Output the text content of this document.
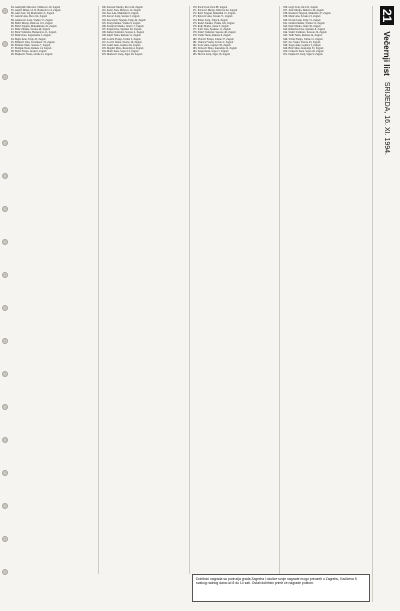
84. Andrijašić Miroslav, Vidikovac 20, Zagreb
85. Andrić Milan, Ul. R. Boškovića 12, Zagreb
86. Anić Ivan, Trg Mažuranića 3, Zagreb
87. Antolić Ana, Ilica 214, Zagreb
88. Antunović Josip, Vlaška 57, Zagreb
89. Babić Marija, Dubrava 101, Zagreb
90. Bačić Stjepan, Maksimirska 22, Zagreb
91. Balić Zdenka, Savska 40, Zagreb
92. Barić Tomislav, Heinzelova 11, Zagreb
93. Bašić Kata, Zagrebačka 5, Zagreb
94. Begić Ante, Trnje 18, Zagreb
95. Blažević Ivka, Črnomerec 33, Zagreb
96. Bobinac Mato, Sesvete 7, Zagreb
97. Bošnjak Nada, Remete 14, Zagreb
98. Božić Franjo, Jarun 6, Zagreb
99. Brajković Vesna, Utrine 21, Zagreb
190. Kobasić Marija, Ilica 140, Zagreb
191. Kolar Ivan, Dubrava 12, Zagreb
192. Kos Ana, Maksimir 8, Zagreb
193. Kovač Josip, Savska 3, Zagreb
194. Kovačević Stjepan, Trnje 44, Zagreb
195. Kralj Zdenka, Vlaška 9, Zagreb
196. Kraljević Marko, Jarun 17, Zagreb
197. Krpan Ivka, Špansko 30, Zagreb
198. Kuhar Tomislav, Sesvete 2, Zagreb
199. Kušić Nada, Remete 51, Zagreb
200. Lončar Franjo, Utrine 5, Zagreb
201. Lovrić Vesna, Travno 19, Zagreb
202. Lukić Ante, Gajnice 26, Zagreb
203. Magdić Mato, Kustošija 4, Zagreb
204. Marić Kata, Sopot 13, Zagreb
205. Marković Josip, Siget 28, Zagreb
470. Pavić Ivan, Ilica 88, Zagreb
471. Pavlović Marija, Dubrava 64, Zagreb
472. Perić Stjepan, Maksimir 15, Zagreb
473. Petrović Ana, Savska 71, Zagreb
474. Pintar Josip, Trnje 9, Zagreb
475. Radić Zdenka, Vlaška 120, Zagreb
476. Rajić Marko, Jarun 3, Zagreb
477. Šarić Ivka, Špansko 11, Zagreb
478. Šimić Tomislav, Sesvete 40, Zagreb
479. Tomić Nada, Remete 6, Zagreb
480. Vidović Franjo, Utrine 37, Zagreb
481. Vuković Vesna, Travno 2, Zagreb
482. Zorić Ante, Gajnice 58, Zagreb
483. Živković Mato, Kustošija 22, Zagreb
484. Župan Kata, Sopot 7, Zagreb
485. Horvat Josip, Siget 16, Zagreb
636. Grgić Ivan, Ilica 61, Zagreb
637. Jurić Marija, Dubrava 29, Zagreb
638. Knežević Stjepan, Maksimir 47, Zagreb
639. Matić Ana, Savska 13, Zagreb
640. Novak Josip, Trnje 72, Zagreb
641. Oreški Zdenka, Vlaška 31, Zagreb
642. Pejić Marko, Jarun 59, Zagreb
643. Rukavina Ivka, Špansko 8, Zagreb
644. Stanić Tomislav, Sesvete 19, Zagreb
645. Tadić Nada, Remete 24, Zagreb
646. Vrban Franjo, Utrine 12, Zagreb
647. Zec Vesna, Travno 45, Zagreb
648. Žagar Ante, Gajnice 3, Zagreb
649. Bilić Mato, Kustošija 35, Zagreb
650. Crnković Kata, Sopot 20, Zagreb
651. Dujmović Josip, Siget 9, Zagreb
21
Večernji list
SRIJEDA, 16. XI. 1994.
Dobitnici nagrada sa područja grada Zagreba i okolice svoje nagrade mogu preuzeti u Zagrebu, Kačićeva 5 svakog radnog dana od 8 do 14 sati. Ostali dobitnici primit će nagrade poštom.
